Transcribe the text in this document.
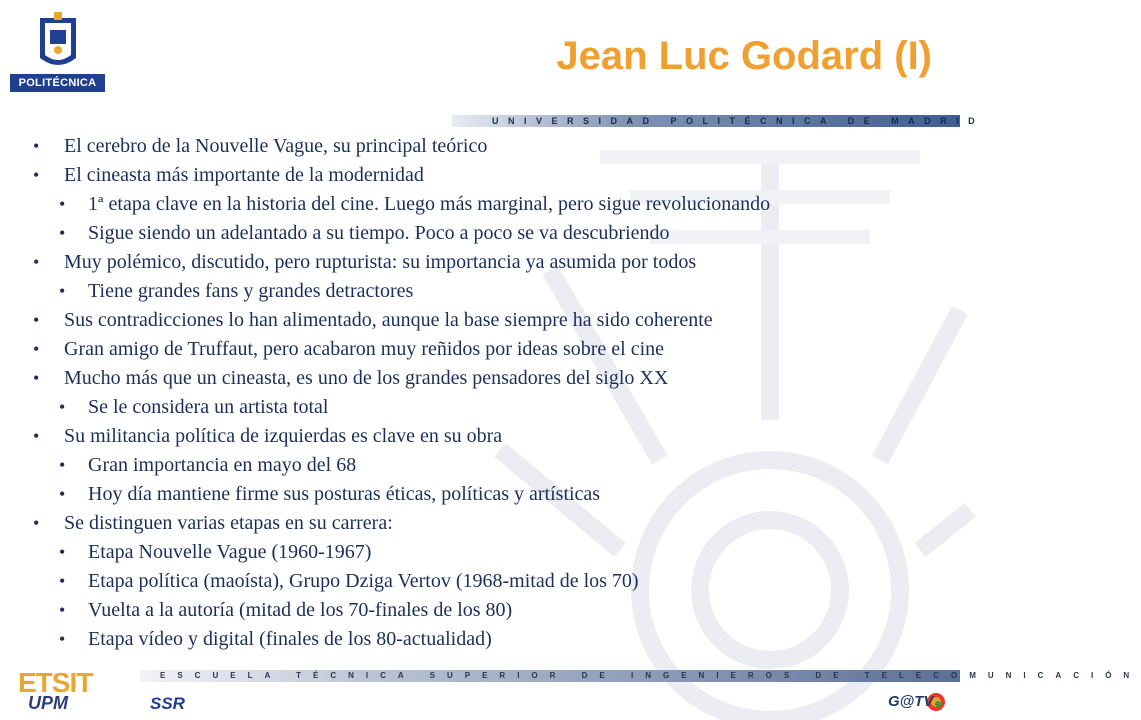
POLITÉCNICA
Jean Luc Godard (I)
UNIVERSIDAD POLITÉCNICA DE MADRID
• El cerebro de la Nouvelle Vague, su principal teórico
• El cineasta más importante de la modernidad
• 1ª etapa clave en la historia del cine. Luego más marginal, pero sigue revolucionando
• Sigue siendo un adelantado a su tiempo. Poco a poco se va descubriendo
• Muy polémico, discutido, pero rupturista: su importancia ya asumida por todos
• Tiene grandes fans y grandes detractores
• Sus contradicciones lo han alimentado, aunque la base siempre ha sido coherente
• Gran amigo de Truffaut, pero acabaron muy reñidos por ideas sobre el cine
• Mucho más que un cineasta, es uno de los grandes pensadores del siglo XX
• Se le considera un artista total
• Su militancia política de izquierdas es clave en su obra
• Gran importancia en mayo del 68
• Hoy día mantiene firme sus posturas éticas, políticas y artísticas
• Se distinguen varias etapas en su carrera:
• Etapa Nouvelle Vague (1960-1967)
• Etapa política (maoísta), Grupo Dziga Vertov (1968-mitad de los 70)
• Vuelta a la autoría (mitad de los 70-finales de los 80)
• Etapa vídeo y digital (finales de los 80-actualidad)
ESCUELA TÉCNICA SUPERIOR DE INGENIEROS DE TELECOMUNICACIÓN
ETSIT
UPM	SSR	G@TV
